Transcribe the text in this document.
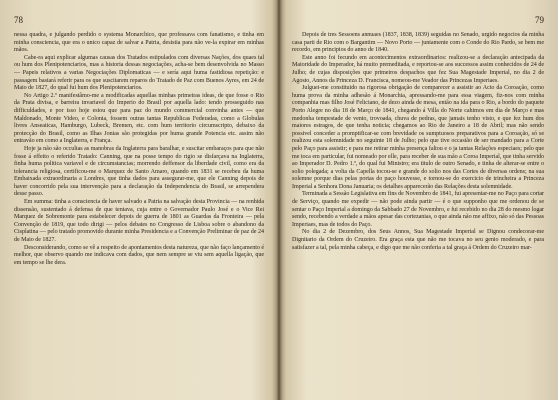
78

nessa quadra, e julgando perdido o systema Monarchico, que professava com fanatismo, e tinha em minha consciencia, que era o unico capaz de salvar a Patria, desistia para não ve-la expirar em minhas mãos.

Cabe-ra aqui explicar algumas causas dos Tratados estipulados com diversas Nações, dos quaes tal ou hum dos Plenipotenciarios, mas a historia dessas negociações, acha-se bem desenvolvida no Masso — Papeis relativos a varias Negociações Diplomaticas — e sería aqui huma fastidiosa repetição: e passagem bastará referir para os que suscitarem reparos do Tratado de Paz com Buenos Ayres, em 24 de Maio de 1827, do qual fui hum dos Plenipotenciarios.

No Artigo 2.º manifestâmo-me a modificadas aquellas minhas primeiras ideas, de que fosse o Rio da Prata divisa, e barreira invariavel do Imperio do Brasil por aquella lado: tendo prosseguido nas difficuldades, e por isso hoje estou que para paz do mundo commercial convinha antes — que Maldonado, Monte Video, e Colonia, fossem outras tantas Republicas Federadas, como a Globulas livres Anseaticas, Hamburgo, Lubeck, Bremen, etc. com hum territorio circumscripto, debaixo da protecção do Brasil, como as Ilhas Jonias são protegidas por huma grande Potencia etc. assim não entravão em como a Inglaterra, e França.

Hoje ja não são occultas as manobras da Inglaterra para baralhar, e suscitar embaraços para que não fosse á effeito o referido Tratado: Canning, que na posse tempo do rigio se disfarçava na Inglaterra, finha huma politica variavel e de circumstancias; morrendo deffensor da liberdade civil, como era da tolerancia religiosa, certificou-me o Marquez de Santo Amaro, quando em 1831 se recebeu da huma Embaixada extraordinaria a Londres, que tinha dados para assegurar-me, que ele Canning depois de haver concorrido pela sua intervenção para a declaração da Independencia do Brasil, se arrependera desse passo.

Em summa: tinha a consciencia de haver salvado a Patria na salvação desta Provincia — na renhida dissensão, sustentado á defensa de que tentava, cuja entre o Governador Paulo José e o Vice Rei Marquez de Sobremonte para estabelecer depois de guerra de 1801 as Guardas da Fronteira — pela Convenção de 1819, que todo dirigi — pelos debates no Congresso de Lisboa sobre o abandono da Cisplatina — pelo tratado promovido durante minha Presidencia e a Convenção Preliminar de paz de 24 de Maio de 1827.

Desconsiderando, como se vê a respeito de apontamentos desta natureza, que não faço lançamento é melhor, que observo quando me indicava com dados, que nem sempre se viu sem aquella ligação, que em tempo se lhe dera.

79

Depois de tres Sessoens annuaes (1837, 1838, 1839) seguidas no Senado, urgido negocios da minha casa parti de Rio com o Bargantim — Novo Porto — juntamente com o Conde do Rio Pardo, se bem me recordo, em principios do anno de 1840.

Este anno foi fecundo em acontecimentos extraordinarios: realizou-se a declaração antecipada da Maioridade do Imperador, há muito premeditada, e reportou-se aos successos assim conhecidos de 24 de Julho; de cujas disposições que primeiros despachos que fez Sua Magestade Imperial, no dia 2 de Agosto, Annos da Princeza D. Francisca, nomeou-me Veador das Princezas Imperiaes.

Julguei-me constituido na rigorosa obrigação de comparecer a assistir ao Acto da Coroação, como huma prova da minha adhesão á Monarchia, apressando-me para essa viagem, fiz-nos com minha companhia mas filho José Feliciano, de dezo ainda de mesa, então na ida para o Rio, a bordo do paquete Porto Alegre no dia 18 de Março de 1841, chegando á Villa do Norte cahimos em dia de Março e mas medonha tempestade de vento, trovoada, chuva de pedras, que jamais tenho visto, e que fez hum dos maiores estragos, de que tenha noticia; chegamos ao Rio de Janeiro a 18 de Abril; mas não sendo possivel conceder a promptificar-se com brevidade os sumptuosos preparativos para a Coroação, só se realizou esta solemnidade no seguinte 18 de Julho; pelo que tive occasião de ser mandado para a Corte pelo Paço para assistir; e para me retirar minha presença faltou e o ja tantas Relações especiaes; pelo que me toca em particular, fui nomeado por elle, para receber de sua mão a Coroa Imperial, que tinha servido ao Imperador D. Pedro 1.º, do qual fui Ministro; era titulo de outro Senado, e tinha de alterar-se entre o solio polegada; a volta da Capella tocou-se e grande do solio nos das Cortes de diversas ordens; na sua solemne porque dias pelas portas do paço houvesse, e tornou-se do exercicio de trincheira a Princeza Imperial a Senhora Dona Januaria; os detalhes apparecerão das Relações desta solemnidade.

Terminada a Sessão Legislativa em fins de Novembro de 1841, fui apresentar-me no Paço para cortar de Serviço, quando me expedir — não pode ainda partir — é o que supponho que me ordenou de se sentar o Paço Imperial a domingo da Sabbado 27 de Novembro, e fui recebido no dia 28 do mesmo logar sendo, recebendo a verdade a mãos apesar das cortezanias, o que ainda não me affixo, não só das Pessoas Imperiaes, mas de todos do Paço.

No dia 2 de Dezembro, dos Seus Annos, Sua Magestade Imperial se Dignou condecorar-me Dignitario da Ordem do Cruzeiro. Era graça esta que não me tocava no seu genio moderado, e para satisfazer a tal, pela minha cabeça, e digo que me não conferia a tal graça á Ordem do Cruzeiro mar-
